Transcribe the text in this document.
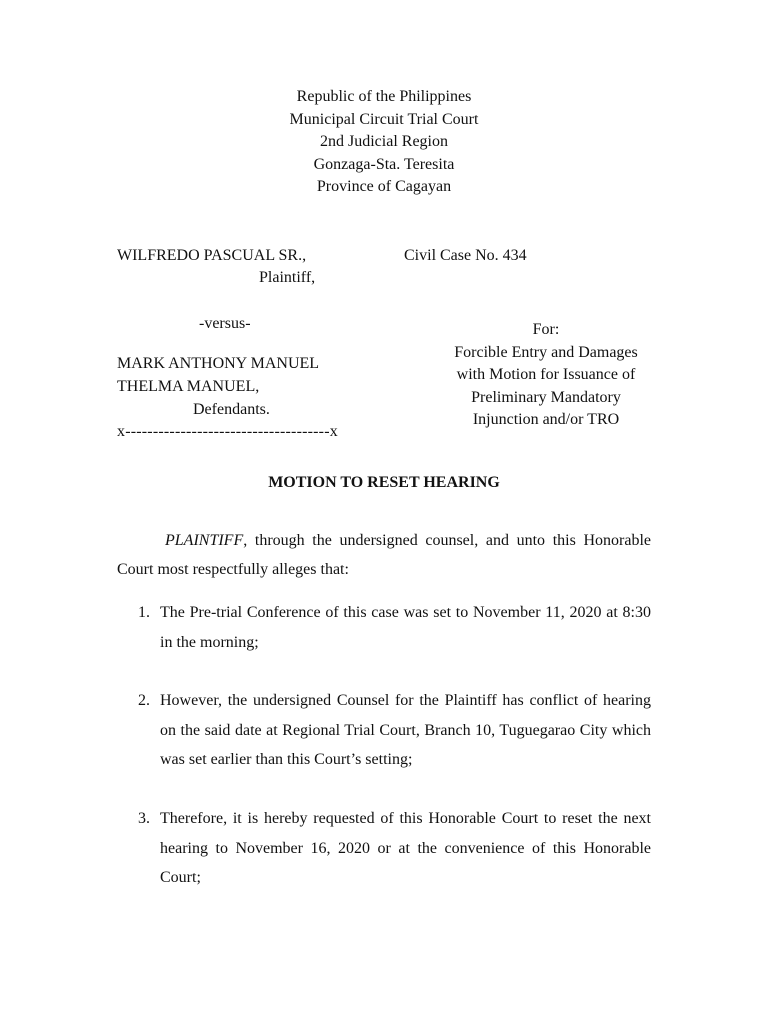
Republic of the Philippines
Municipal Circuit Trial Court
2nd Judicial Region
Gonzaga-Sta. Teresita
Province of Cagayan
WILFREDO PASCUAL SR.,
Plaintiff,
-versus-
MARK ANTHONY MANUEL
THELMA MANUEL,
Defendants.
x-------------------------------------x
Civil Case No. 434
For:
Forcible Entry and Damages
with Motion for Issuance of
Preliminary Mandatory
Injunction and/or TRO
MOTION TO RESET HEARING
PLAINTIFF, through the undersigned counsel, and unto this Honorable Court most respectfully alleges that:
1. The Pre-trial Conference of this case was set to November 11, 2020 at 8:30 in the morning;
2. However, the undersigned Counsel for the Plaintiff has conflict of hearing on the said date at Regional Trial Court, Branch 10, Tuguegarao City which was set earlier than this Court’s setting;
3. Therefore, it is hereby requested of this Honorable Court to reset the next hearing to November 16, 2020 or at the convenience of this Honorable Court;
